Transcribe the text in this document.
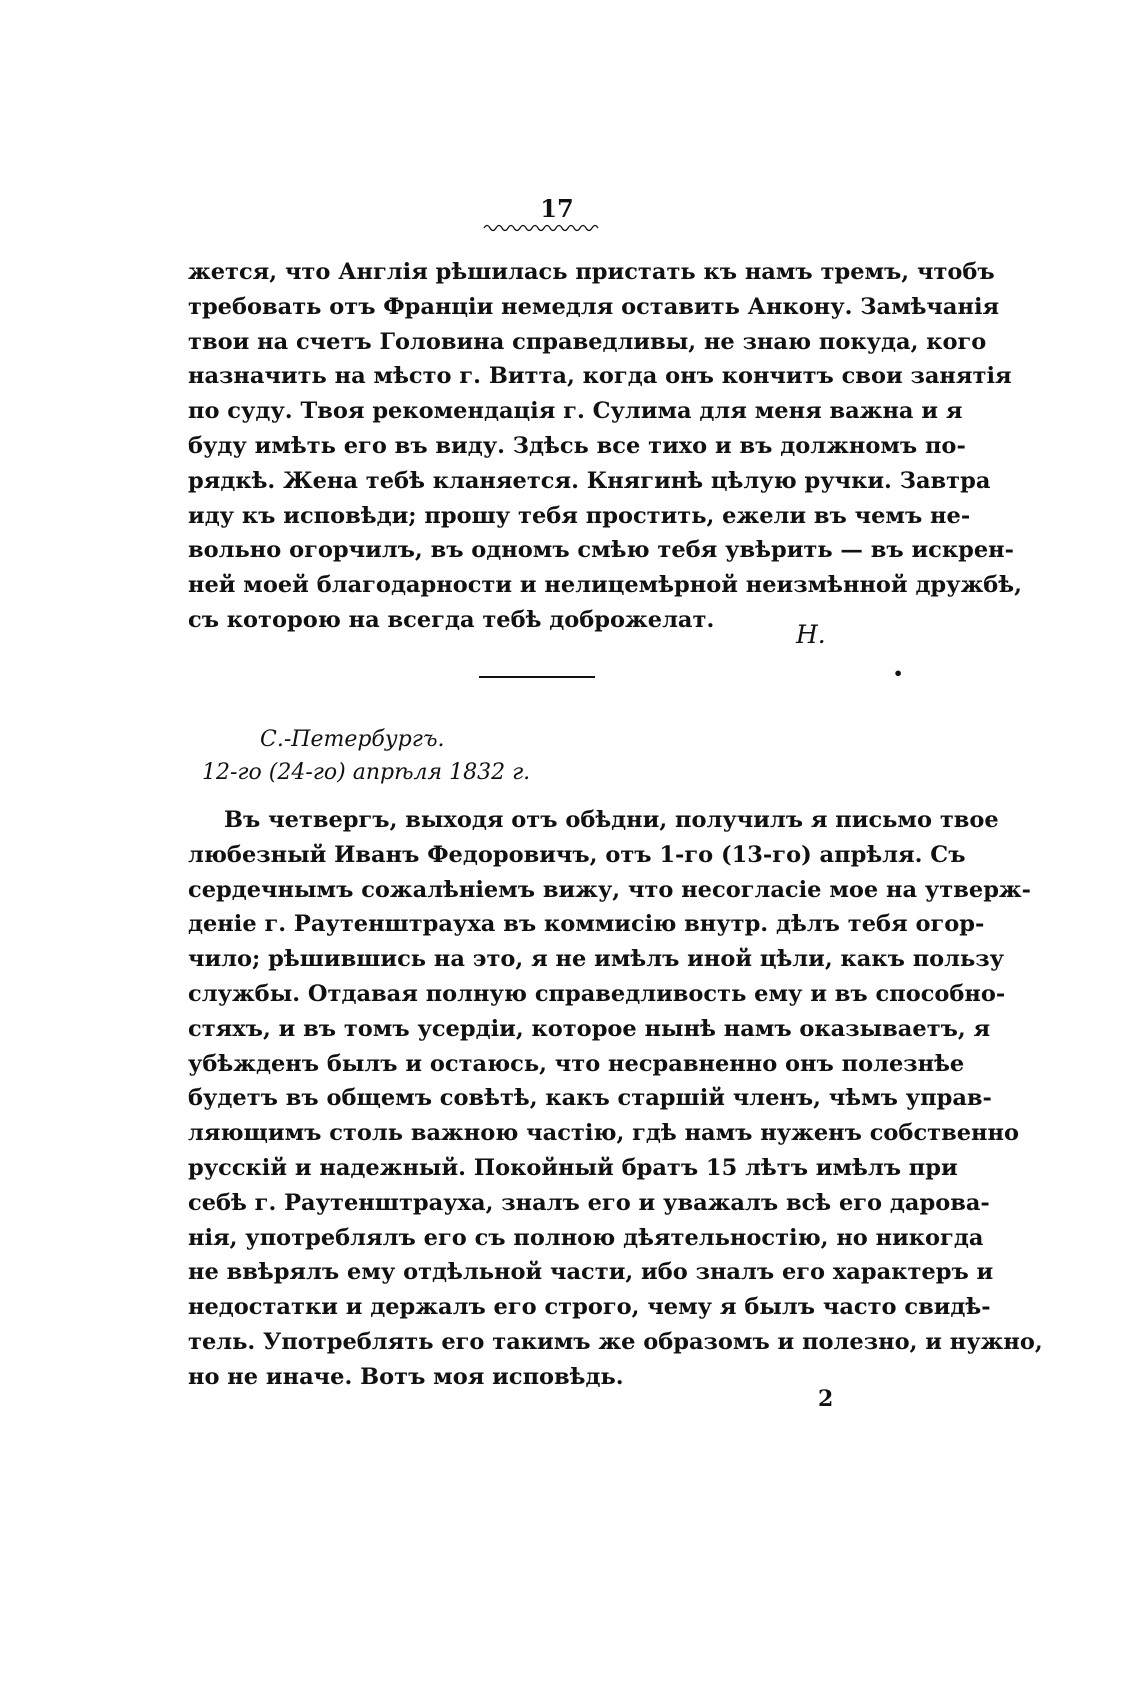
17
жется, что Англія рѣшилась пристать къ намъ тремъ, чтобъ
требовать отъ Франціи немедля оставить Анкону. Замѣчанія
твои на счетъ Головина справедливы, не знаю покуда, кого
назначить на мѣсто г. Витта, когда онъ кончитъ свои занятія
по суду. Твоя рекомендація г. Сулима для меня важна и я
буду имѣть его въ виду. Здѣсь все тихо и въ должномъ по-
рядкѣ. Жена тебѣ кланяется. Княгинѣ цѣлую ручки. Завтра
иду къ исповѣди; прошу тебя простить, ежели въ чемъ не-
вольно огорчилъ, въ одномъ смѣю тебя увѣрить — въ искрен-
ней моей благодарности и нелицемѣрной неизмѣнной дружбѣ,
съ которою на всегда тебѣ доброжелат.
Н.
•
С.-Петербургъ.
12-го (24-го) апрѣля 1832 г.
Въ четвергъ, выходя отъ обѣдни, получилъ я письмо твое
любезный Иванъ Федоровичъ, отъ 1-го (13-го) апрѣля. Съ
сердечнымъ сожалѣніемъ вижу, что несогласіе мое на утверж-
деніе г. Раутенштрауха въ коммисію внутр. дѣлъ тебя огор-
чило; рѣшившись на это, я не имѣлъ иной цѣли, какъ пользу
службы. Отдавая полную справедливость ему и въ способно-
стяхъ, и въ томъ усердіи, которое нынѣ намъ оказываетъ, я
убѣжденъ былъ и остаюсь, что несравненно онъ полезнѣе
будетъ въ общемъ совѣтѣ, какъ старшій членъ, чѣмъ управ-
ляющимъ столь важною частію, гдѣ намъ нуженъ собственно
русскій и надежный. Покойный братъ 15 лѣтъ имѣлъ при
себѣ г. Раутенштрауха, зналъ его и уважалъ всѣ его дарова-
нія, употреблялъ его съ полною дѣятельностію, но никогда
не ввѣрялъ ему отдѣльной части, ибо зналъ его характеръ и
недостатки и держалъ его строго, чему я былъ часто свидѣ-
тель. Употреблять его такимъ же образомъ и полезно, и нужно,
но не иначе. Вотъ моя исповѣдь.
2
